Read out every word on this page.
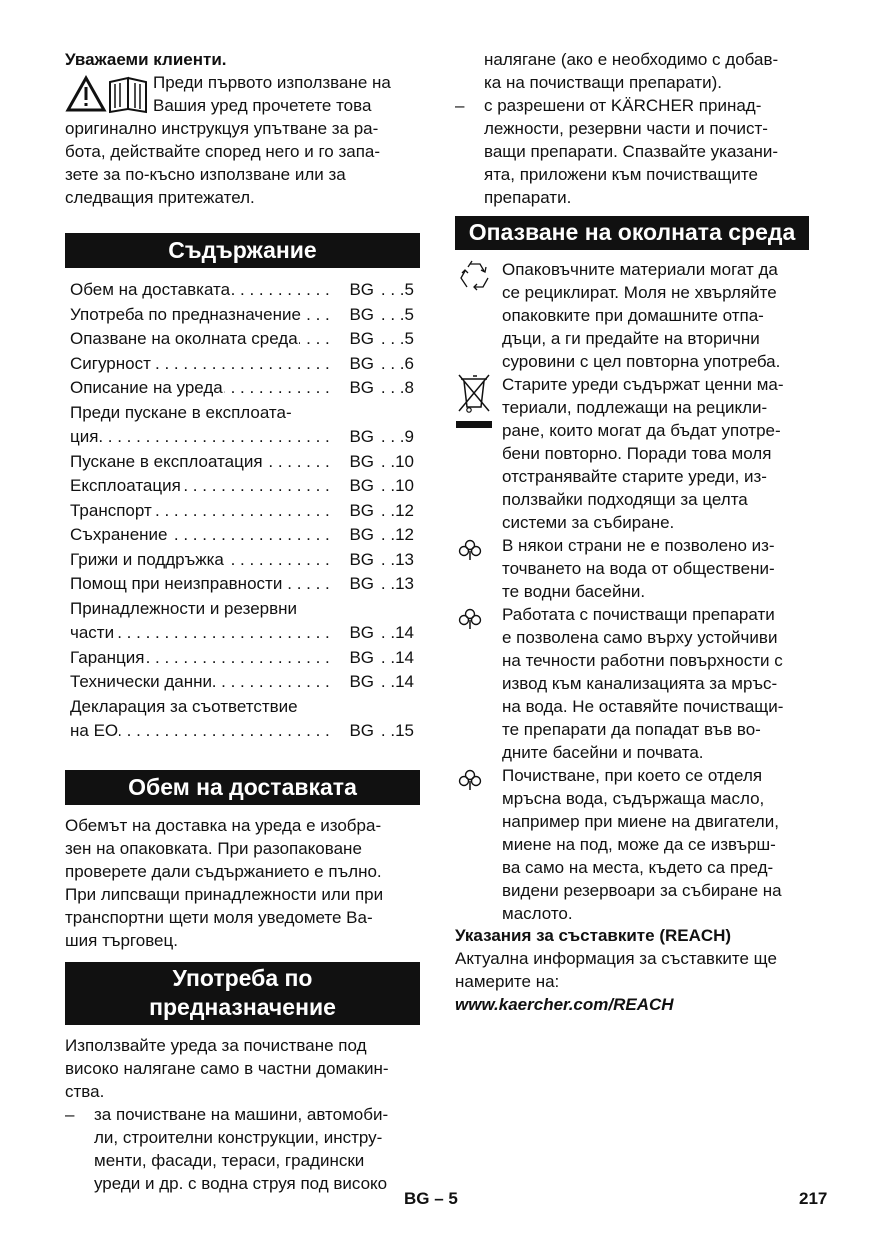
Уважаеми клиенти.

Преди първото използване на

Вашия уред прочетете това

оригинално инструкцуя упътване за ра-

бота, действайте според него и го запа-

зете за по-късно използване или за

следващия притежател.

Съдържание
Обем на доставката . . .	BG . . .5
Употреба по предназначение . . .	BG . . .5
Опазване на околната среда . . .	BG . . .5
Сигурност . . .	BG . . .6
Описание на уреда . . .	BG . . .8
Преди пускане в експлоата-
ция . . .	BG . . .9
Пускане в експлоатация . . .	BG . .10
Експлоатация . . .	BG . .10
Транспорт . . .	BG . .12
Съхранение . . .	BG . .12
Грижи и поддръжка . . .	BG . .13
Помощ при неизправности . . .	BG . .13
Принадлежности и резервни
части . . .	BG . .14
Гаранция . . .	BG . .14
Технически данни . . .	BG . .14
Декларация за съответствие
на ЕО . . .	BG . .15
Обем на доставката

Обемът на доставка на уреда е изобра-

зен на опаковката. При разопаковане

проверете дали съдържанието е пълно.

При липсващи принадлежности или при

транспортни щети моля уведомете Ва-

шия търговец.

Употреба по
предназначение

Използвайте уреда за почистване под

високо налягане само в частни домакин-

ства.

–	за почистване на машини, автомоби-

ли, строителни конструкции, инстру-

менти, фасади, тераси, градински

уреди и др. с водна струя под високо

налягане (ако е необходимо с добав-

ка на почистващи препарати).

–	с разрешени от KÄRCHER принад-

лежности, резервни части и почист-

ващи препарати. Спазвайте указани-

ята, приложени към почистващите

препарати.

Опазване на околната среда

Опаковъчните материали могат да

се рециклират. Моля не хвърляйте

опаковките при домашните отпа-

дъци, а ги предайте на вторични

суровини с цел повторна употреба.

Старите уреди съдържат ценни ма-

териали, подлежащи на рецикли-

ране, които могат да бъдат употре-

бени повторно. Поради това моля

отстранявайте старите уреди, из-

ползвайки подходящи за целта

системи за събиране.

В някои страни не е позволено из-

точването на вода от обществени-

те водни басейни.

Работата с почистващи препарати

е позволена само върху устойчиви

на течности работни повърхности с

извод към канализацията за мръс-

на вода. Не оставяйте почистващи-

те препарати да попадат във во-

дните басейни и почвата.

Почистване, при което се отделя

мръсна вода, съдържаща масло,

например при миене на двигатели,

миене на под, може да се извърш-

ва само на места, където са пред-

видени резервоари за събиране на

маслото.

Указания за съставките (REACH)

Актуална информация за съставките ще

намерите на:

www.kaercher.com/REACH

BG – 5	217
